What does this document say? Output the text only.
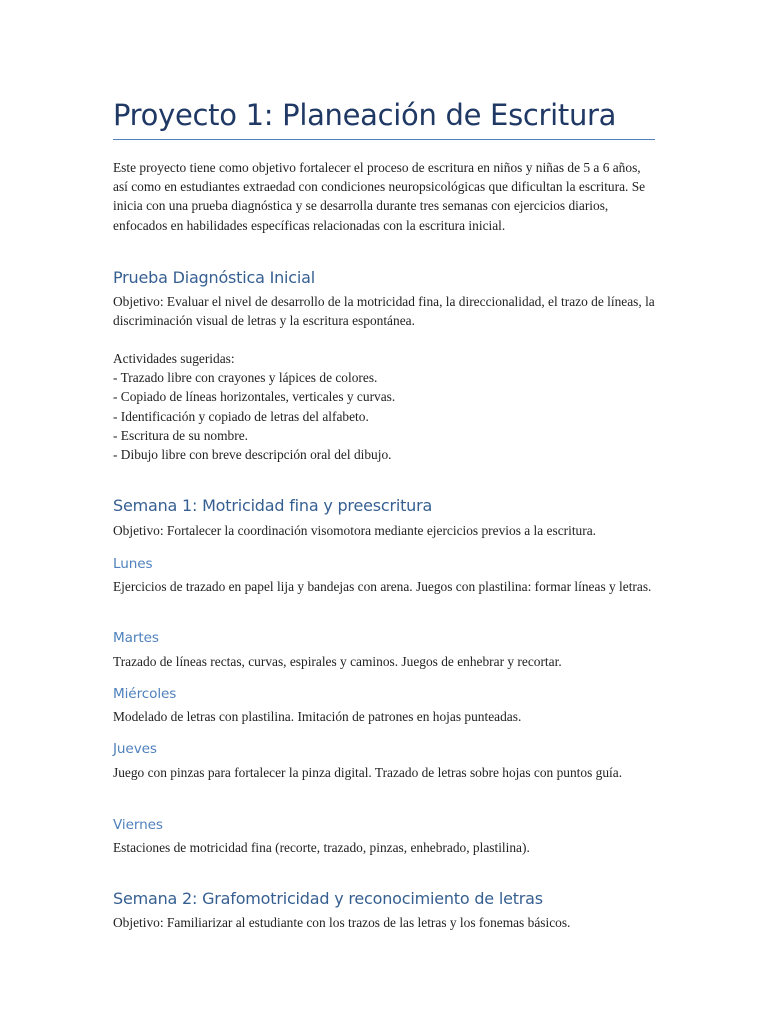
Proyecto 1: Planeación de Escritura

Este proyecto tiene como objetivo fortalecer el proceso de escritura en niños y niñas de 5 a 6 años, así como en estudiantes extraedad con condiciones neuropsicológicas que dificultan la escritura. Se inicia con una prueba diagnóstica y se desarrolla durante tres semanas con ejercicios diarios, enfocados en habilidades específicas relacionadas con la escritura inicial.

Prueba Diagnóstica Inicial

Objetivo: Evaluar el nivel de desarrollo de la motricidad fina, la direccionalidad, el trazo de líneas, la discriminación visual de letras y la escritura espontánea.

Actividades sugeridas:

- Trazado libre con crayones y lápices de colores.
- Copiado de líneas horizontales, verticales y curvas.
- Identificación y copiado de letras del alfabeto.
- Escritura de su nombre.
- Dibujo libre con breve descripción oral del dibujo.
Semana 1: Motricidad fina y preescritura

Objetivo: Fortalecer la coordinación visomotora mediante ejercicios previos a la escritura.

Lunes

Ejercicios de trazado en papel lija y bandejas con arena. Juegos con plastilina: formar líneas y letras.

Martes

Trazado de líneas rectas, curvas, espirales y caminos. Juegos de enhebrar y recortar.

Miércoles

Modelado de letras con plastilina. Imitación de patrones en hojas punteadas.

Jueves

Juego con pinzas para fortalecer la pinza digital. Trazado de letras sobre hojas con puntos guía.

Viernes

Estaciones de motricidad fina (recorte, trazado, pinzas, enhebrado, plastilina).

Semana 2: Grafomotricidad y reconocimiento de letras

Objetivo: Familiarizar al estudiante con los trazos de las letras y los fonemas básicos.
